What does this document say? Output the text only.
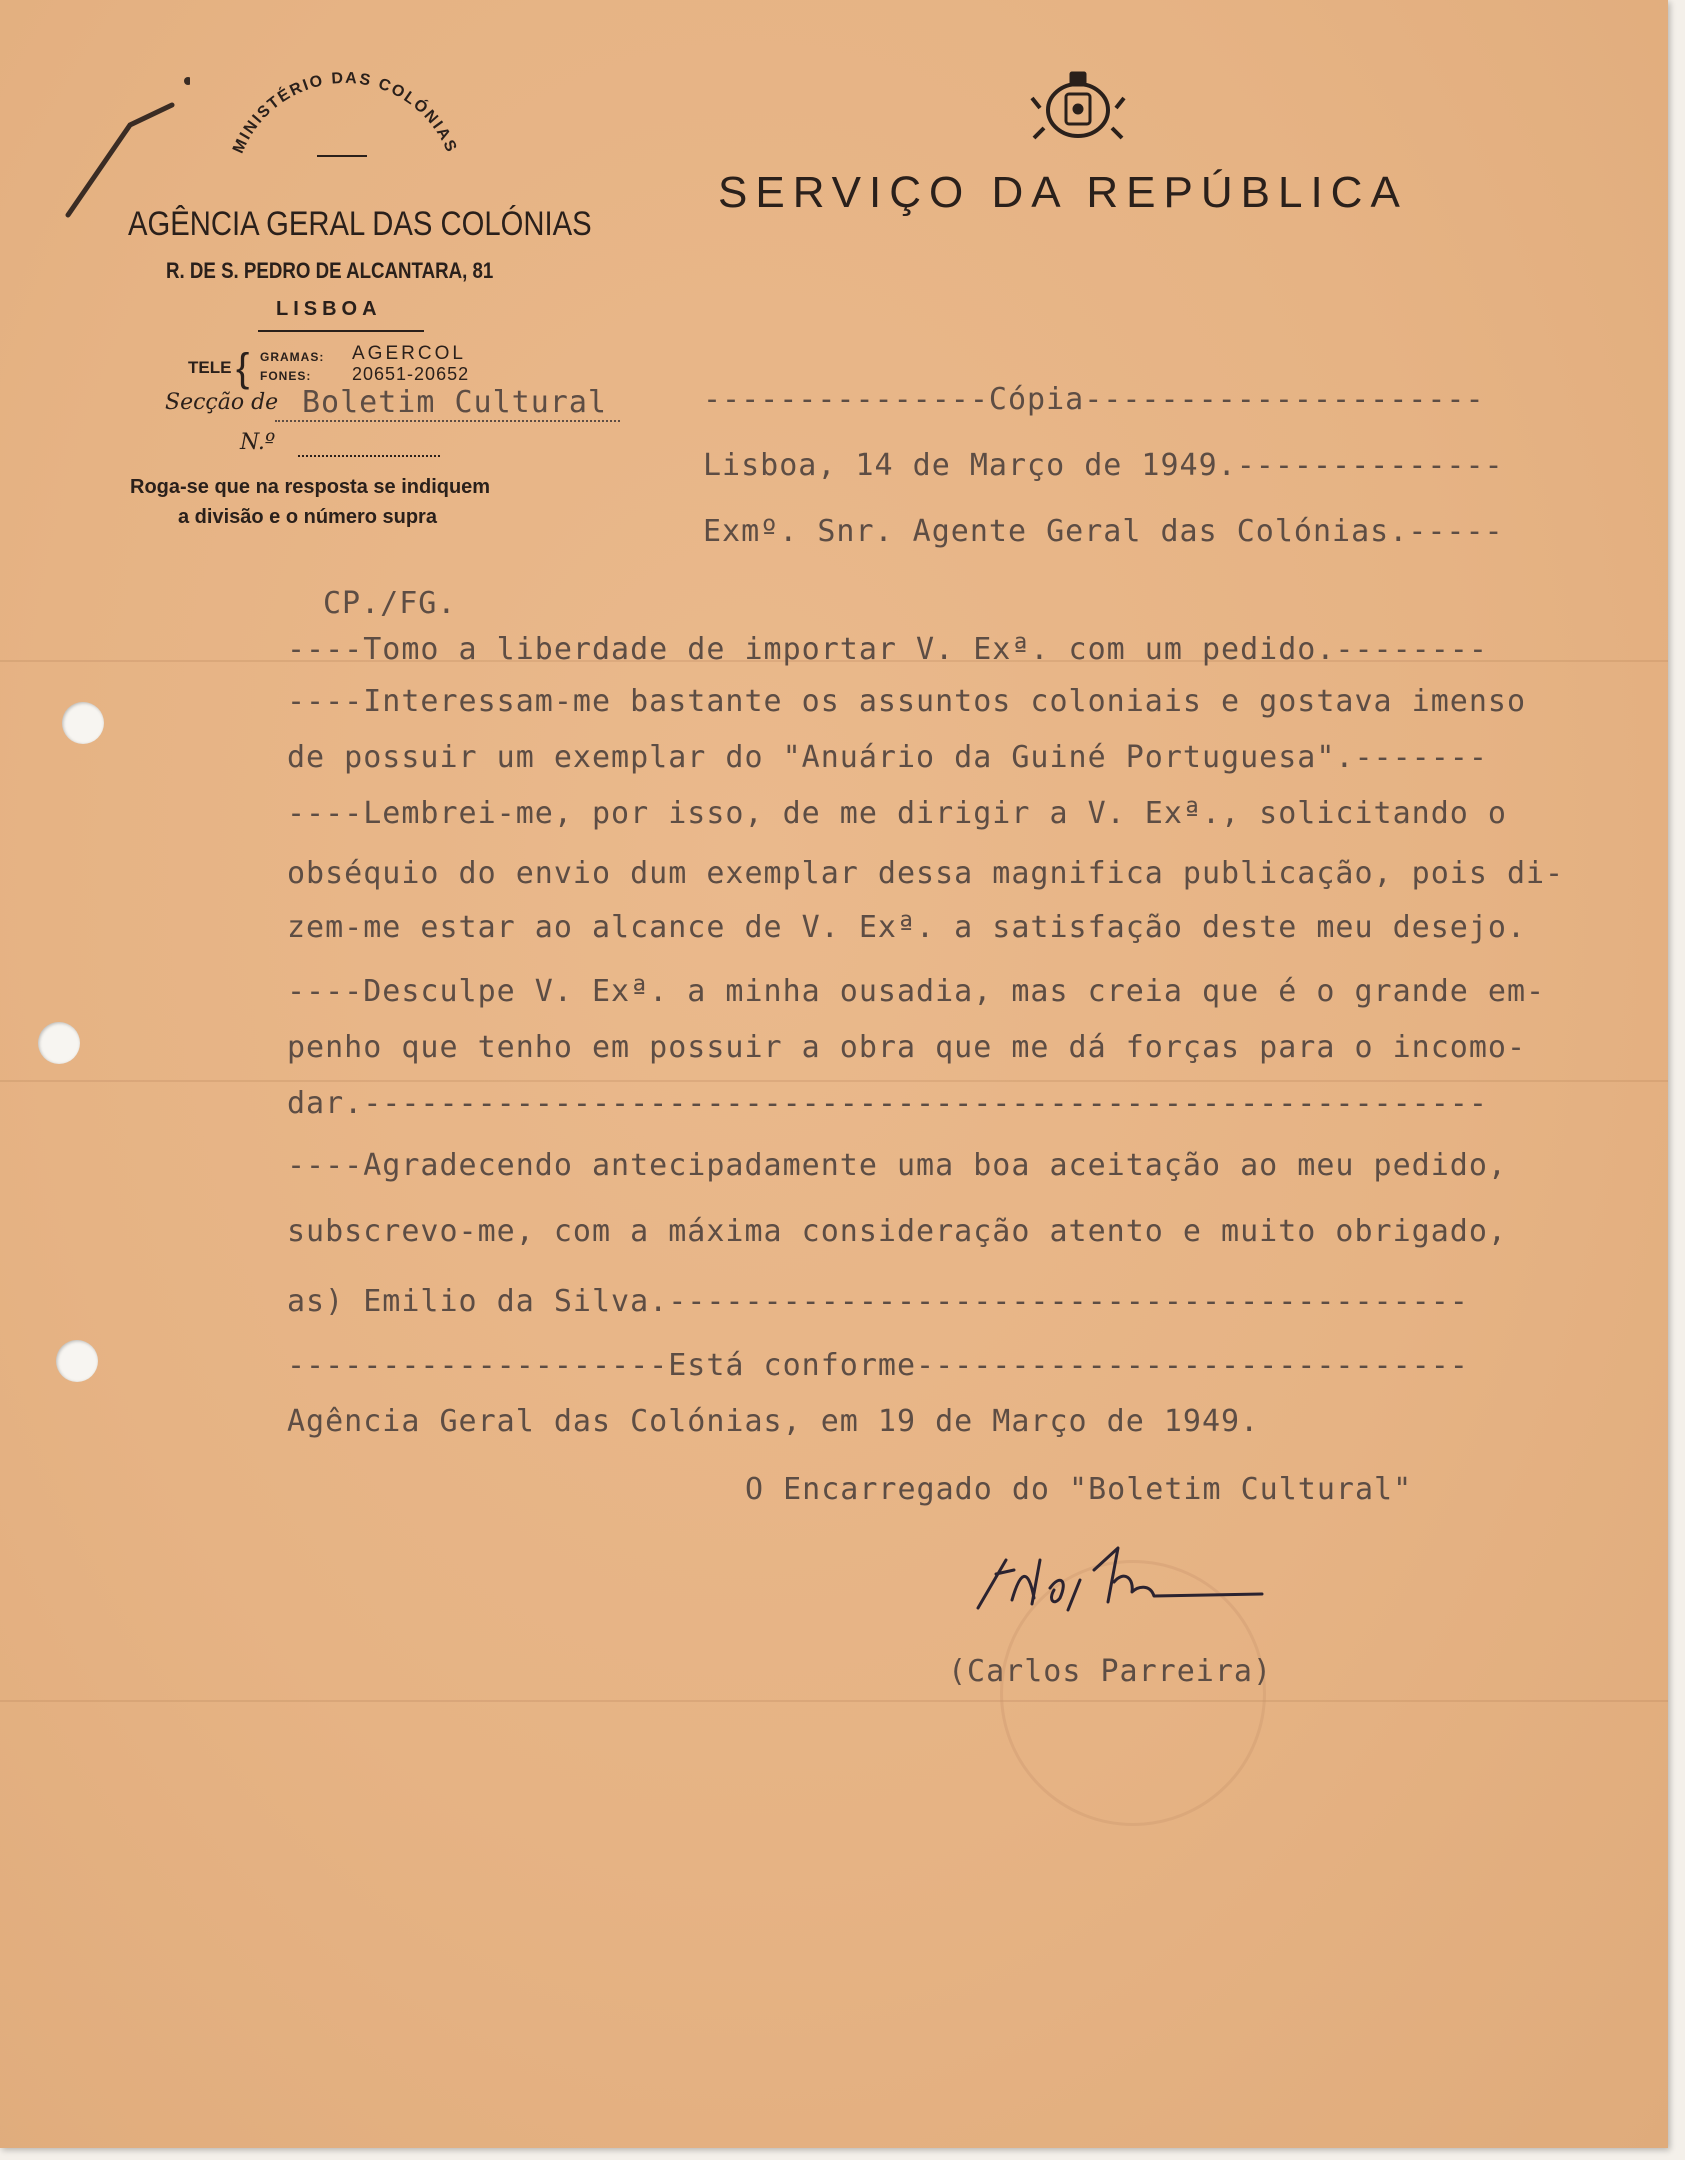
MINISTÉRIO DAS COLÓNIAS
AGÊNCIA GERAL DAS COLÓNIAS
R. DE S. PEDRO DE ALCANTARA, 81
LISBOA
TELE { GRAMAS: AGERCOL
FONES: 20651-20652
Secção de Boletim Cultural
N.º
Roga-se que na resposta se indiquem
a divisão e o número supra
SERVIÇO DA REPÚBLICA
---------------Cópia---------------------
Lisboa, 14 de Março de 1949.--------------
Exmº. Snr. Agente Geral das Colónias.-----
CP./FG.
----Tomo a liberdade de importar V. Exª. com um pedido.--------
----Interessam-me bastante os assuntos coloniais e gostava imenso
de possuir um exemplar do "Anuário da Guiné Portuguesa".-------
----Lembrei-me, por isso, de me dirigir a V. Exª., solicitando o
obséquio do envio dum exemplar dessa magnifica publicação, pois di-
zem-me estar ao alcance de V. Exª. a satisfação deste meu desejo.
----Desculpe V. Exª. a minha ousadia, mas creia que é o grande em-
penho que tenho em possuir a obra que me dá forças para o incomo-
dar.-----------------------------------------------------------
----Agradecendo antecipadamente uma boa aceitação ao meu pedido,
subscrevo-me, com a máxima consideração atento e muito obrigado,
as) Emilio da Silva.------------------------------------------
--------------------Está conforme-----------------------------
Agência Geral das Colónias, em 19 de Março de 1949.
O Encarregado do "Boletim Cultural"
(Carlos Parreira)
